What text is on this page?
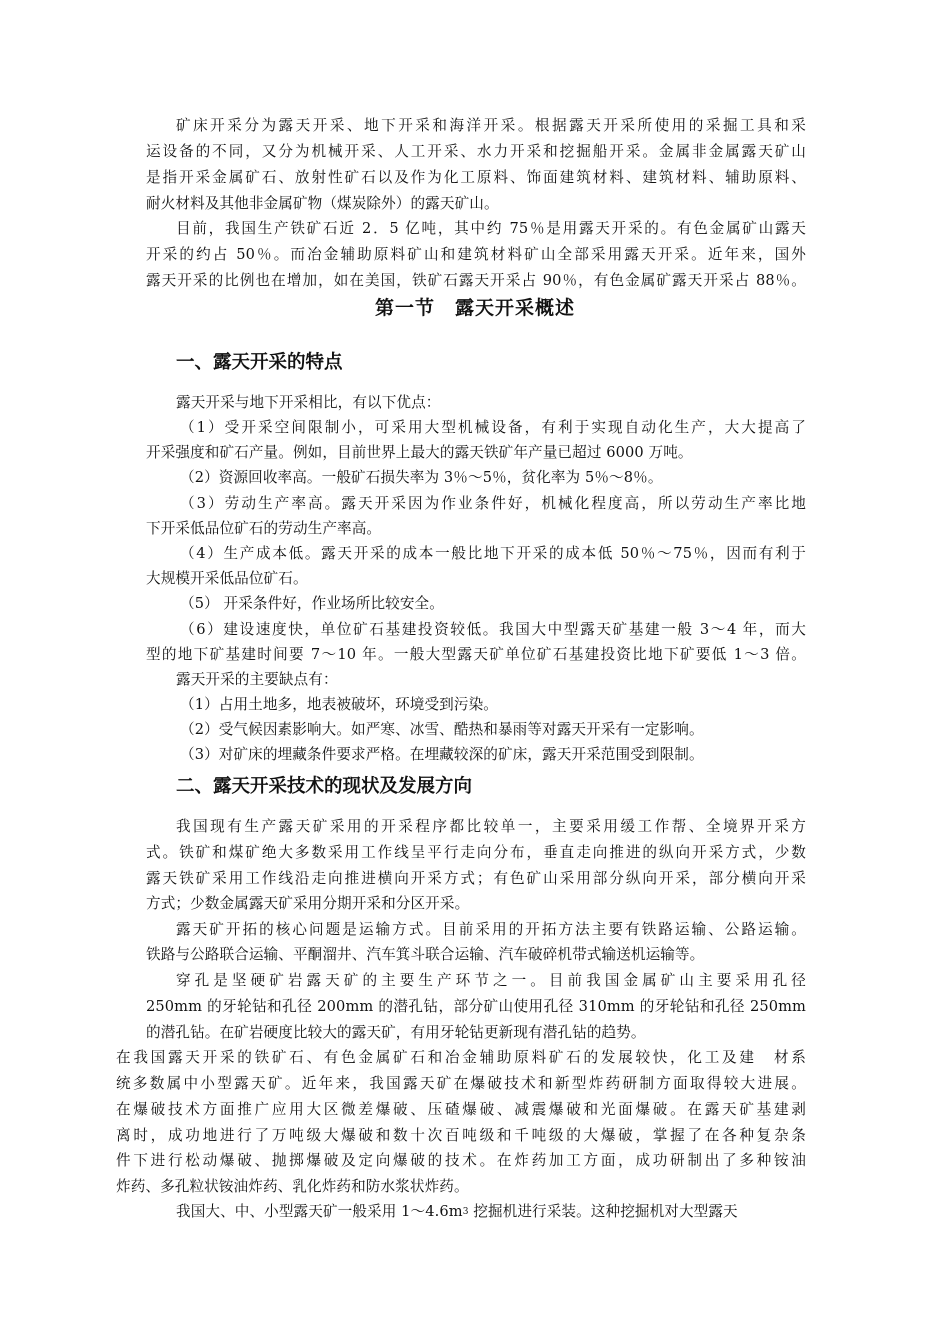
矿床开采分为露天开采、地下开采和海洋开采。根据露天开采所使用的采掘工具和采
运设备的不同，又分为机械开采、人工开采、水力开采和挖掘船开采。金属非金属露天矿山
是指开采金属矿石、放射性矿石以及作为化工原料、饰面建筑材料、建筑材料、辅助原料、
耐火材料及其他非金属矿物（煤炭除外）的露天矿山。
目前，我国生产铁矿石近 2．5 亿吨，其中约 75％是用露天开采的。有色金属矿山露天
开采的约占 50％。而冶金辅助原料矿山和建筑材料矿山全部采用露天开采。近年来，国外
露天开采的比例也在增加，如在美国，铁矿石露天开采占 90％，有色金属矿露天开采占 88％。
第一节　露天开采概述
一、露天开采的特点
露天开采与地下开采相比，有以下优点：
（1）受开采空间限制小，可采用大型机械设备，有利于实现自动化生产，大大提高了
开采强度和矿石产量。例如，目前世界上最大的露天铁矿年产量已超过 6000 万吨。
（2）资源回收率高。一般矿石损失率为 3％～5％，贫化率为 5％～8％。
（3）劳动生产率高。露天开采因为作业条件好，机械化程度高，所以劳动生产率比地
下开采低品位矿石的劳动生产率高。
（4）生产成本低。露天开采的成本一般比地下开采的成本低 50％～75％，因而有利于
大规模开采低品位矿石。
（5） 开采条件好，作业场所比较安全。
（6）建设速度快，单位矿石基建投资较低。我国大中型露天矿基建一般 3～4 年，而大
型的地下矿基建时间要 7～10 年。一般大型露天矿单位矿石基建投资比地下矿要低 1～3 倍。
露天开采的主要缺点有：
（1）占用土地多，地表被破坏，环境受到污染。
（2）受气候因素影响大。如严寒、冰雪、酷热和暴雨等对露天开采有一定影响。
（3）对矿床的埋藏条件要求严格。在埋藏较深的矿床，露天开采范围受到限制。
二、露天开采技术的现状及发展方向
我国现有生产露天矿采用的开采程序都比较单一，主要采用缓工作帮、全境界开采方
式。铁矿和煤矿绝大多数采用工作线呈平行走向分布，垂直走向推进的纵向开采方式，少数
露天铁矿采用工作线沿走向推进横向开采方式；有色矿山采用部分纵向开采，部分横向开采
方式；少数金属露天矿采用分期开采和分区开采。
露天矿开拓的核心问题是运输方式。目前采用的开拓方法主要有铁路运输、公路运输。
铁路与公路联合运输、平酮溜井、汽车箕斗联合运输、汽车破碎机带式输送机运输等。
穿孔是坚硬矿岩露天矿的主要生产环节之一。目前我国金属矿山主要采用孔径
250mm 的牙轮钻和孔径 200mm 的潜孔钻，部分矿山使用孔径 310mm 的牙轮钻和孔径 250mm
的潜孔钻。在矿岩硬度比较大的露天矿，有用牙轮钻更新现有潜孔钻的趋势。
在我国露天开采的铁矿石、有色金属矿石和冶金辅助原料矿石的发展较快，化工及建　材系
统多数属中小型露天矿。近年来，我国露天矿在爆破技术和新型炸药研制方面取得较大进展。
在爆破技术方面推广应用大区微差爆破、压碴爆破、减震爆破和光面爆破。在露天矿基建剥
离时，成功地进行了万吨级大爆破和数十次百吨级和千吨级的大爆破，掌握了在各种复杂条
件下进行松动爆破、抛掷爆破及定向爆破的技术。在炸药加工方面，成功研制出了多种铵油
炸药、多孔粒状铵油炸药、乳化炸药和防水浆状炸药。
我国大、中、小型露天矿一般采用 $1\sim 4.6m^3$ 挖掘机进行采装。这种挖掘机对大型露天
